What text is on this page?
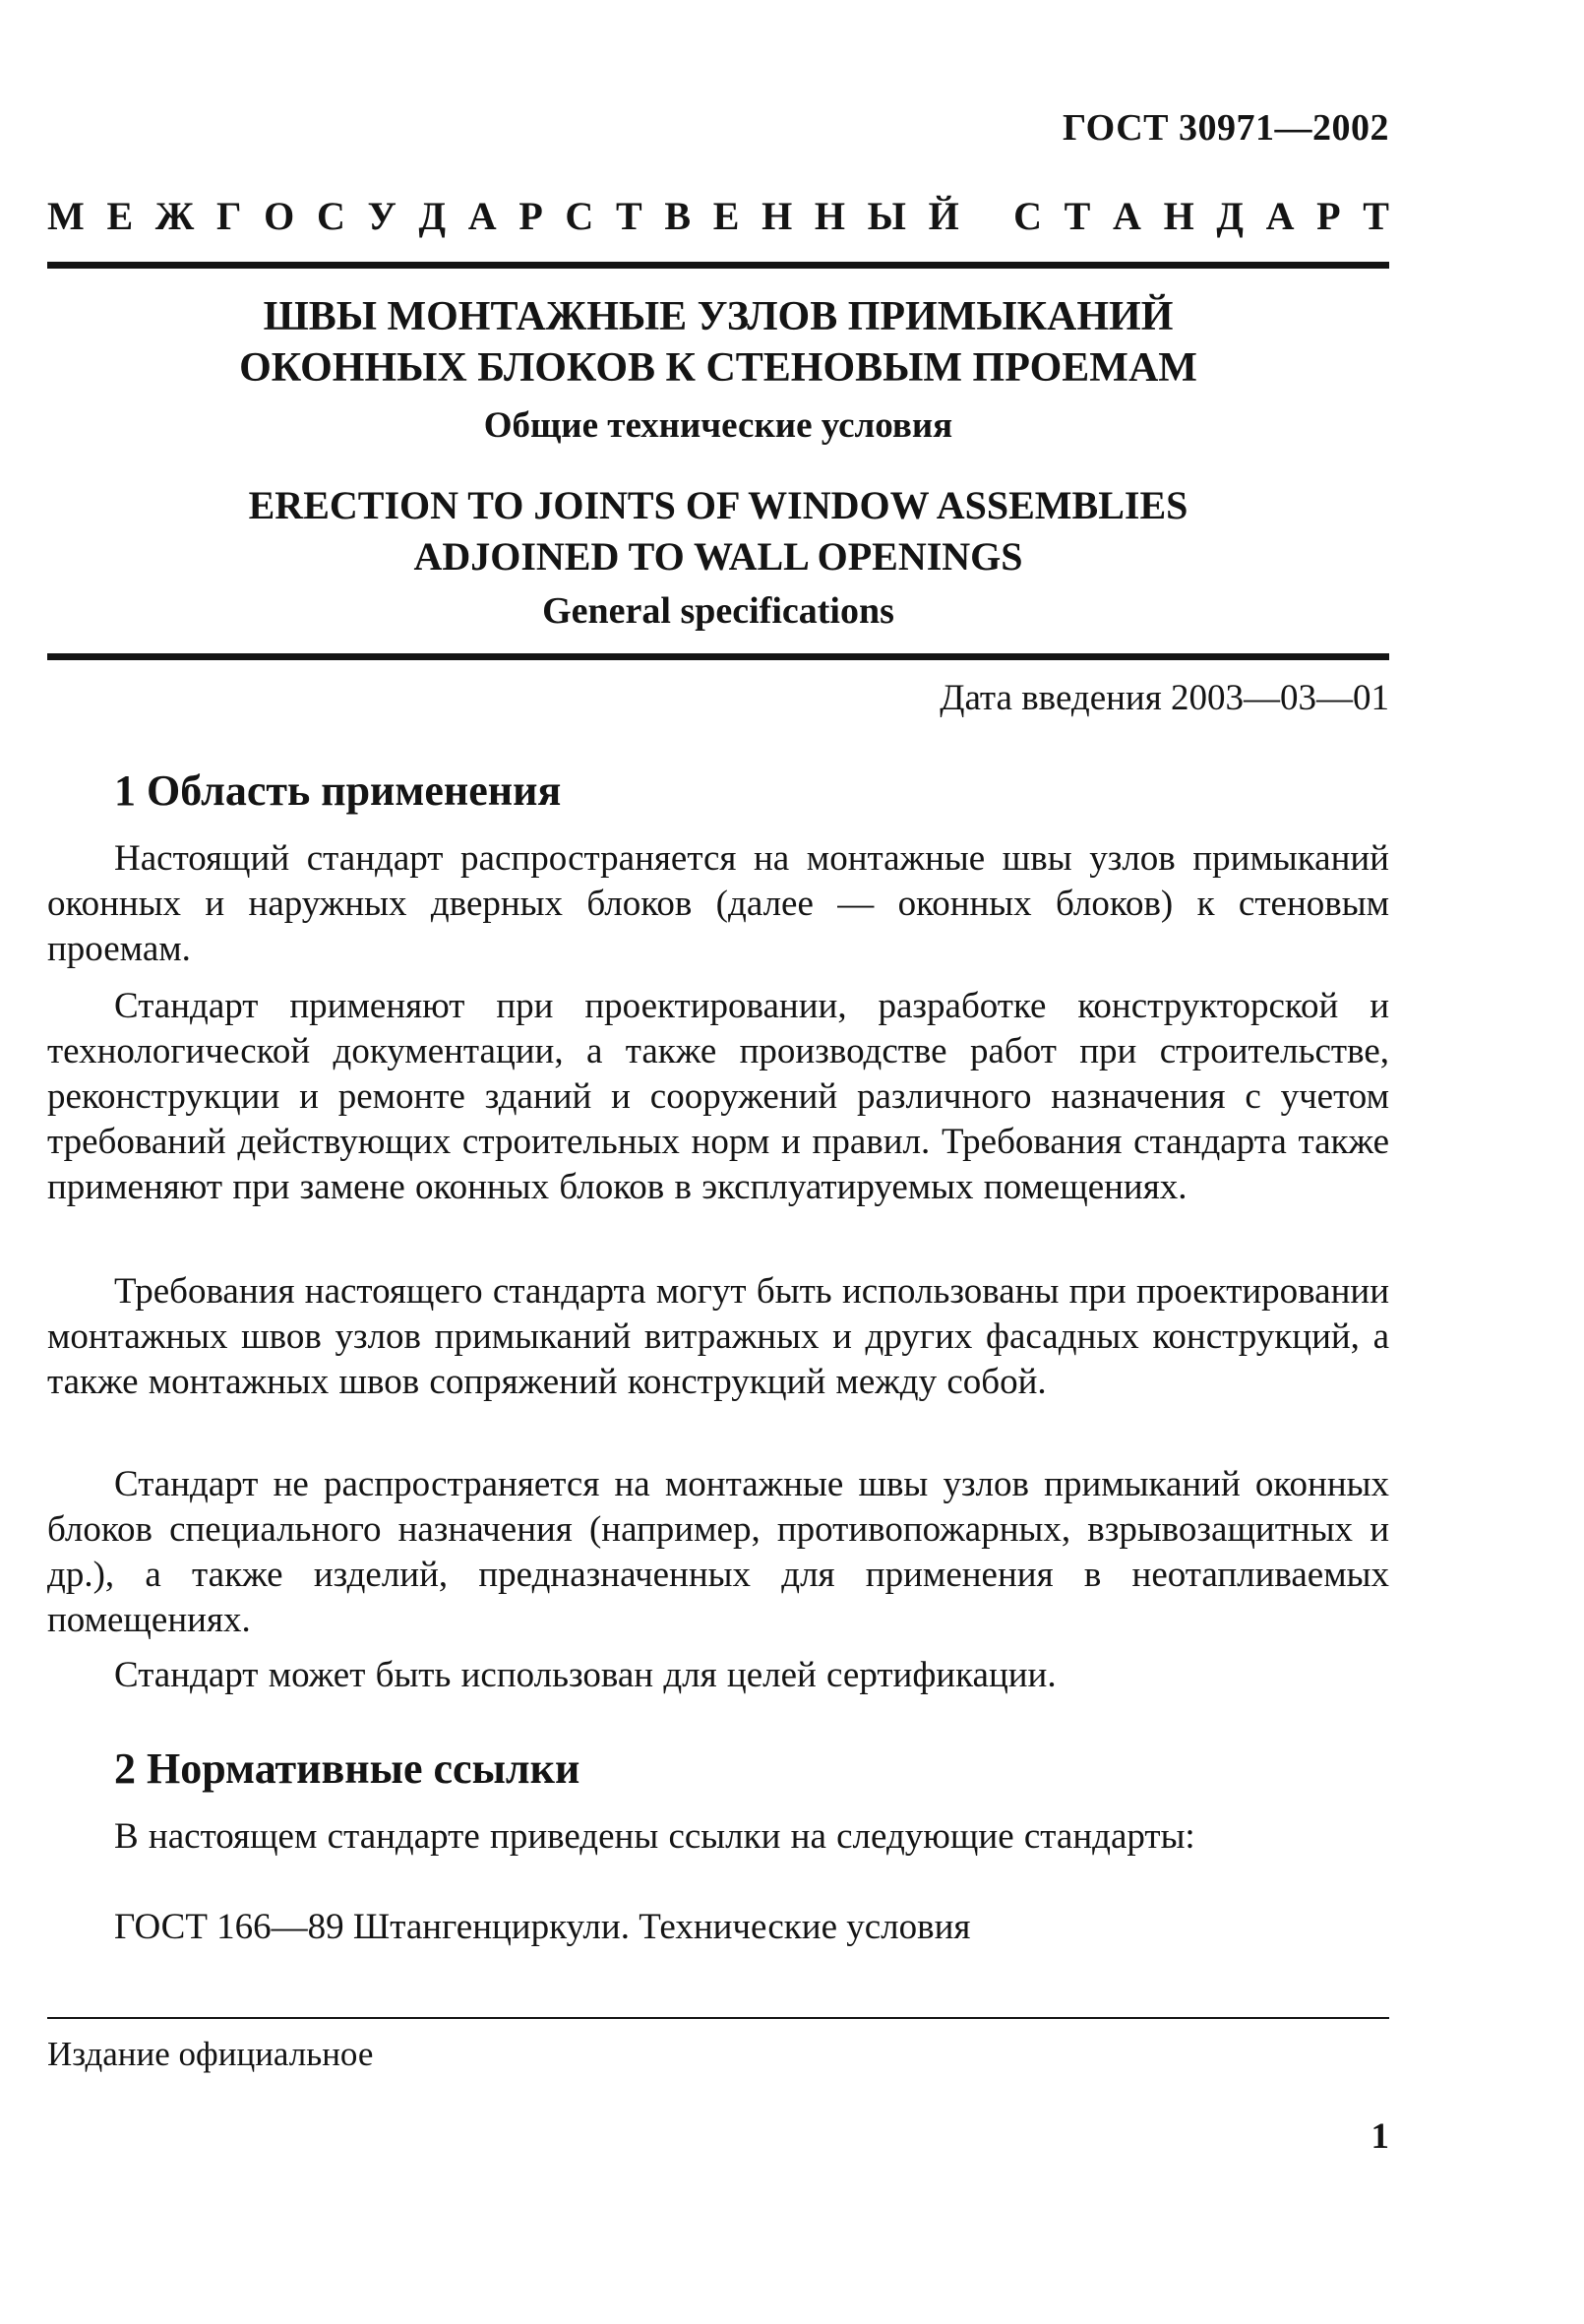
ГОСТ 30971—2002
М Е Ж Г О С У Д А Р С Т В Е Н Н Ы Й
С Т А Н Д А Р Т
ШВЫ МОНТАЖНЫЕ УЗЛОВ ПРИМЫКАНИЙ
ОКОННЫХ БЛОКОВ К СТЕНОВЫМ ПРОЕМАМ
Общие технические условия
ERECTION TO JOINTS OF WINDOW ASSEMBLIES
ADJOINED TO WALL OPENINGS
General specifications
Дата введения 2003—03—01
1 Область применения
Настоящий стандарт распространяется на монтажные швы узлов примыканий оконных и наружных дверных блоков (далее — оконных блоков) к стеновым проемам.
Стандарт применяют при проектировании, разработке конструкторской и технологической документации, а также производстве работ при строительстве, реконструкции и ремонте зданий и сооружений различного назначения с учетом требований действующих строительных норм и правил. Требования стандарта также применяют при замене оконных блоков в эксплуатируемых помещениях.
Требования настоящего стандарта могут быть использованы при проектировании монтажных швов узлов примыканий витражных и других фасадных конструкций, а также монтажных швов сопряжений конструкций между собой.
Стандарт не распространяется на монтажные швы узлов примыканий оконных блоков специального назначения (например, противопожарных, взрывозащитных и др.), а также изделий, предназначенных для применения в неотапливаемых помещениях.
Стандарт может быть использован для целей сертификации.
2 Нормативные ссылки
В настоящем стандарте приведены ссылки на следующие стандарты:
ГОСТ 166—89 Штангенциркули. Технические условия
Издание официальное
1
